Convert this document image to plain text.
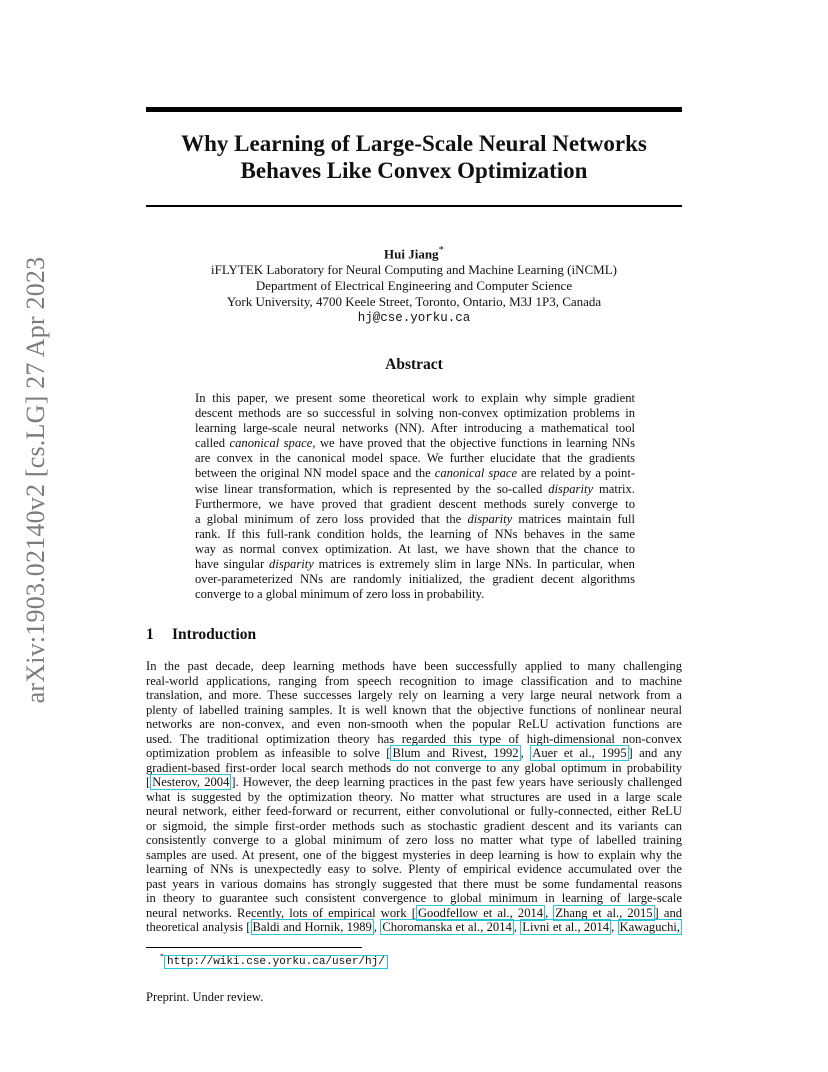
arXiv:1903.02140v2 [cs.LG] 27 Apr 2023
Why Learning of Large-Scale Neural Networks
Behaves Like Convex Optimization
Hui Jiang*
iFLYTEK Laboratory for Neural Computing and Machine Learning (iNCML)
Department of Electrical Engineering and Computer Science
York University, 4700 Keele Street, Toronto, Ontario, M3J 1P3, Canada
hj@cse.yorku.ca
Abstract
In this paper, we present some theoretical work to explain why simple gradient
descent methods are so successful in solving non-convex optimization problems in
learning large-scale neural networks (NN). After introducing a mathematical tool
called canonical space, we have proved that the objective functions in learning NNs
are convex in the canonical model space. We further elucidate that the gradients
between the original NN model space and the canonical space are related by a point-
wise linear transformation, which is represented by the so-called disparity matrix.
Furthermore, we have proved that gradient descent methods surely converge to
a global minimum of zero loss provided that the disparity matrices maintain full
rank. If this full-rank condition holds, the learning of NNs behaves in the same
way as normal convex optimization. At last, we have shown that the chance to
have singular disparity matrices is extremely slim in large NNs. In particular, when
over-parameterized NNs are randomly initialized, the gradient decent algorithms
converge to a global minimum of zero loss in probability.
1 Introduction
In the past decade, deep learning methods have been successfully applied to many challenging
real-world applications, ranging from speech recognition to image classification and to machine
translation, and more. These successes largely rely on learning a very large neural network from a
plenty of labelled training samples. It is well known that the objective functions of nonlinear neural
networks are non-convex, and even non-smooth when the popular ReLU activation functions are
used. The traditional optimization theory has regarded this type of high-dimensional non-convex
optimization problem as infeasible to solve [ Blum and Rivest, 1992 , Auer et al., 1995 ] and any
gradient-based first-order local search methods do not converge to any global optimum in probability
[ Nesterov, 2004 ]. However, the deep learning practices in the past few years have seriously challenged
what is suggested by the optimization theory. No matter what structures are used in a large scale
neural network, either feed-forward or recurrent, either convolutional or fully-connected, either ReLU
or sigmoid, the simple first-order methods such as stochastic gradient descent and its variants can
consistently converge to a global minimum of zero loss no matter what type of labelled training
samples are used. At present, one of the biggest mysteries in deep learning is how to explain why the
learning of NNs is unexpectedly easy to solve. Plenty of empirical evidence accumulated over the
past years in various domains has strongly suggested that there must be some fundamental reasons
in theory to guarantee such consistent convergence to global minimum in learning of large-scale
neural networks. Recently, lots of empirical work [ Goodfellow et al., 2014 , Zhang et al., 2015 ] and
theoretical analysis [ Baldi and Hornik, 1989 , Choromanska et al., 2014 , Livni et al., 2014 , Kawaguchi,
* http://wiki.cse.yorku.ca/user/hj/
Preprint. Under review.
